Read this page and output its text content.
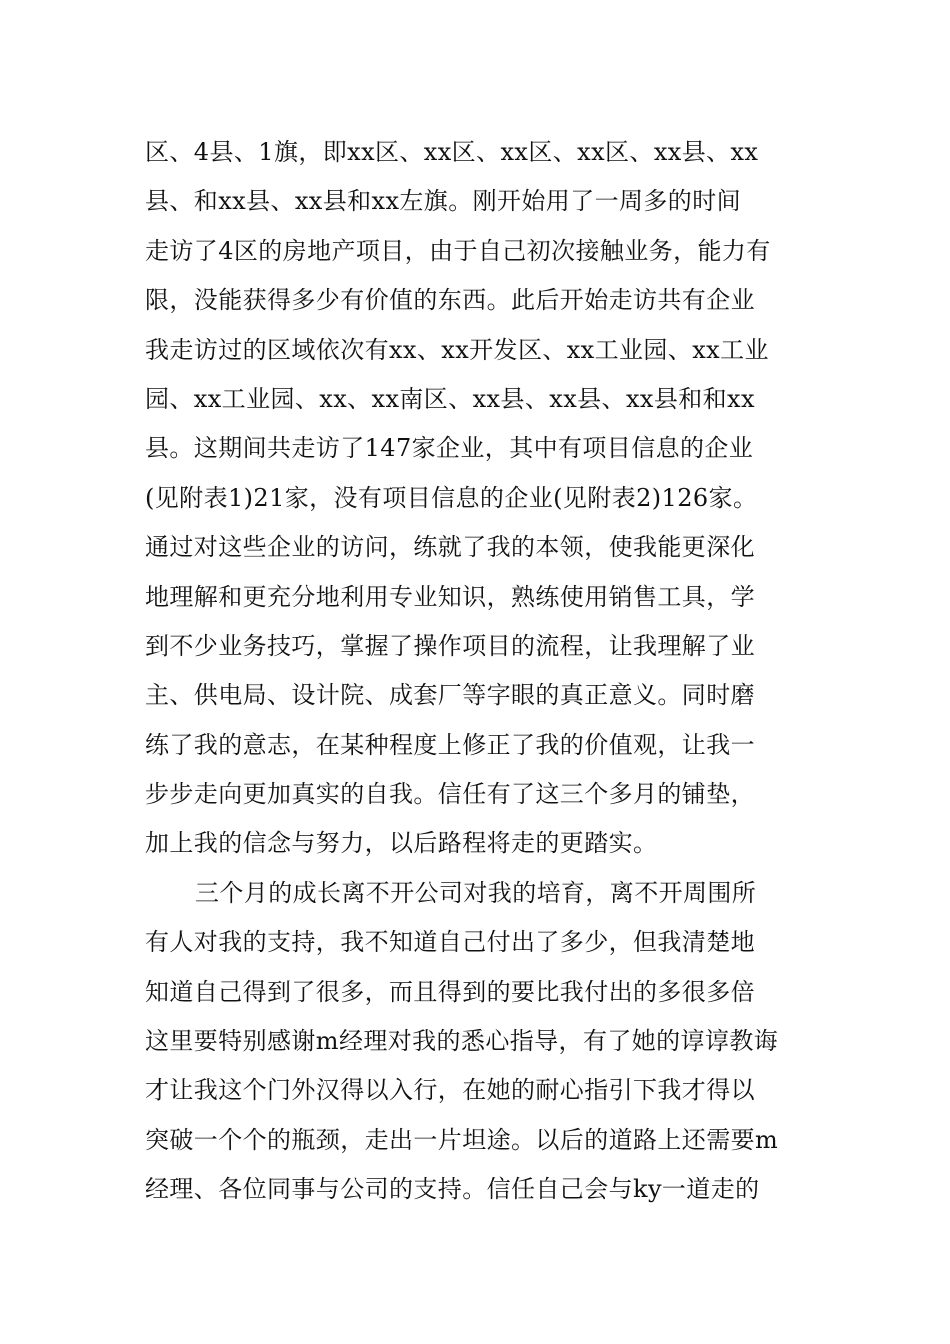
区、4县、1旗，即xx区、xx区、xx区、xx区、xx县、xx
县、和xx县、xx县和xx左旗。刚开始用了一周多的时间
走访了4区的房地产项目，由于自己初次接触业务，能力有
限，没能获得多少有价值的东西。此后开始走访共有企业
我走访过的区域依次有xx、xx开发区、xx工业园、xx工业
园、xx工业园、xx、xx南区、xx县、xx县、xx县和和xx
县。这期间共走访了147家企业，其中有项目信息的企业
(见附表1)21家，没有项目信息的企业(见附表2)126家。
通过对这些企业的访问，练就了我的本领，使我能更深化
地理解和更充分地利用专业知识，熟练使用销售工具，学
到不少业务技巧，掌握了操作项目的流程，让我理解了业
主、供电局、设计院、成套厂等字眼的真正意义。同时磨
练了我的意志，在某种程度上修正了我的价值观，让我一
步步走向更加真实的自我。信任有了这三个多月的铺垫，
加上我的信念与努力，以后路程将走的更踏实。
三个月的成长离不开公司对我的培育，离不开周围所
有人对我的支持，我不知道自己付出了多少，但我清楚地
知道自己得到了很多，而且得到的要比我付出的多很多倍
这里要特别感谢m经理对我的悉心指导，有了她的谆谆教诲
才让我这个门外汉得以入行，在她的耐心指引下我才得以
突破一个个的瓶颈，走出一片坦途。以后的道路上还需要m
经理、各位同事与公司的支持。信任自己会与ky一道走的
